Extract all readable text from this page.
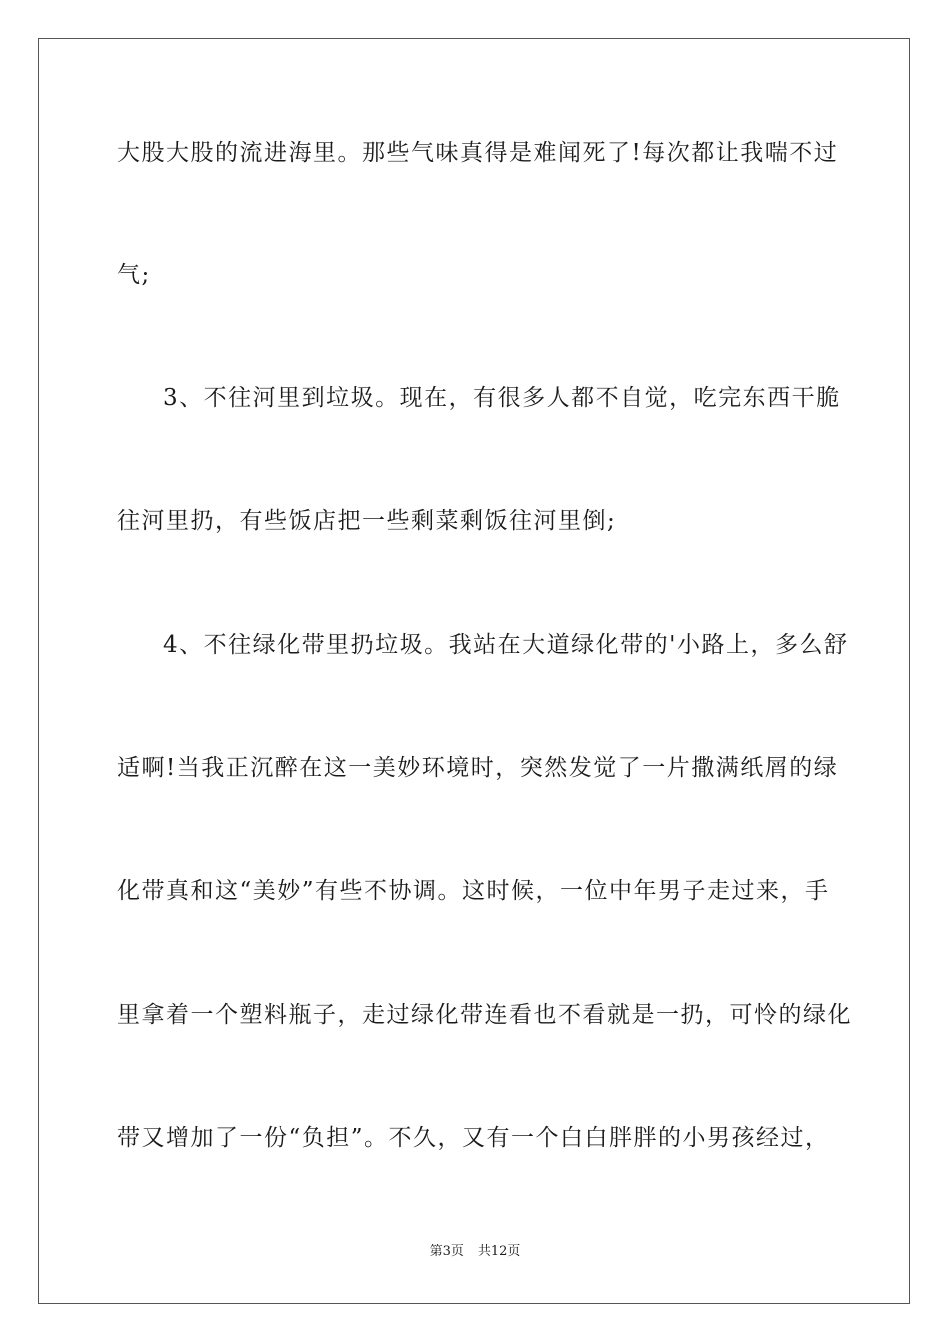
大股大股的流进海里。那些气味真得是难闻死了!每次都让我喘不过
气;
3、不往河里到垃圾。现在，有很多人都不自觉，吃完东西干脆
往河里扔，有些饭店把一些剩菜剩饭往河里倒;
4、不往绿化带里扔垃圾。我站在大道绿化带的'小路上，多么舒
适啊!当我正沉醉在这一美妙环境时，突然发觉了一片撒满纸屑的绿
化带真和这“美妙”有些不协调。这时候，一位中年男子走过来，手
里拿着一个塑料瓶子，走过绿化带连看也不看就是一扔，可怜的绿化
带又增加了一份“负担”。不久，又有一个白白胖胖的小男孩经过，
第3页 共12页
